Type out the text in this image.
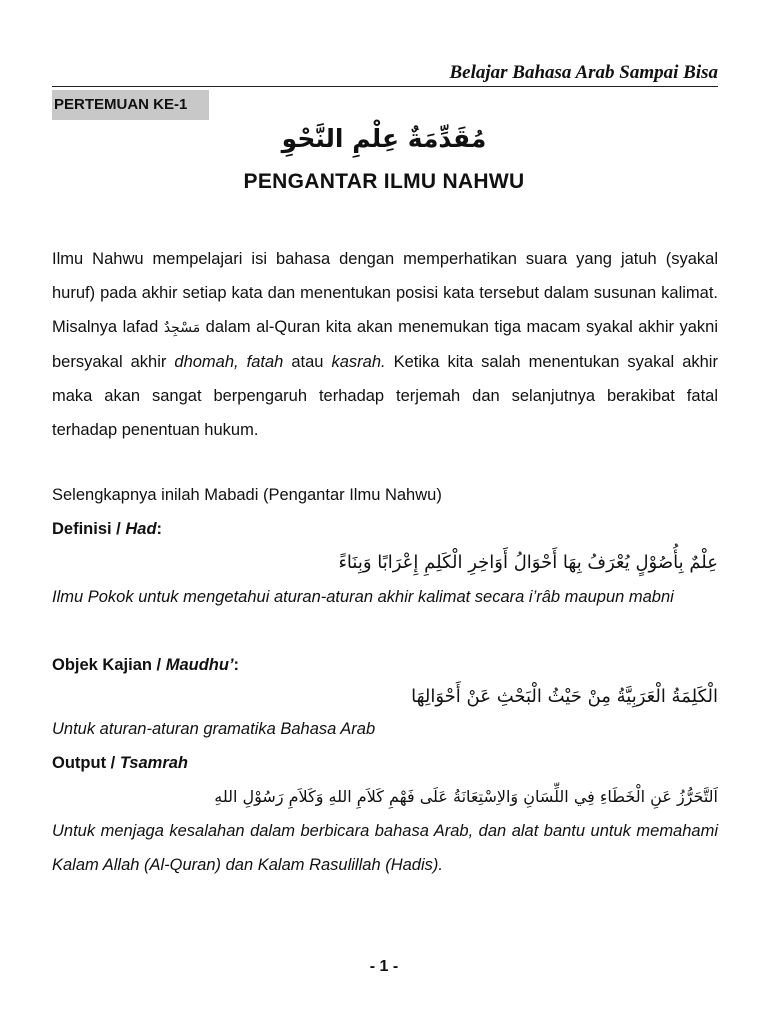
Belajar Bahasa Arab Sampai Bisa
PERTEMUAN KE-1
مُقَدِّمَةٌ عِلْمِ النَّحْوِ
PENGANTAR ILMU NAHWU
Ilmu Nahwu mempelajari isi bahasa dengan memperhatikan suara yang jatuh (syakal huruf) pada akhir setiap kata dan menentukan posisi kata tersebut dalam susunan kalimat. Misalnya lafad مَسْجِدٌ dalam al-Quran kita akan menemukan tiga macam syakal akhir yakni bersyakal akhir dhomah, fatah atau kasrah. Ketika kita salah menentukan syakal akhir maka akan sangat berpengaruh terhadap terjemah dan selanjutnya berakibat fatal terhadap penentuan hukum.
Selengkapnya inilah Mabadi (Pengantar Ilmu Nahwu)
Definisi / Had:
عِلْمٌ بِأُصُوْلٍ يُعْرَفُ بِهَا أَحْوَالُ أَوَاخِرِ الْكَلِمِ إِعْرَابًا وَبِنَاءً
Ilmu Pokok untuk mengetahui aturan-aturan akhir kalimat secara i’râb maupun mabni
Objek Kajian / Maudhu’:
الْكَلِمَةُ الْعَرَبِيَّةُ مِنْ حَيْثُ الْبَحْثِ عَنْ أَحْوَالِهَا
Untuk aturan-aturan gramatika Bahasa Arab
Output / Tsamrah
اَلتَّحَرُّزُ عَنِ الْخَطَاءِ فِي اللِّسَانِ وَالاِسْتِعَانَةُ عَلَى فَهْمِ كَلاَمِ اللهِ وَكَلاَمِ رَسُوْلِ اللهِ
Untuk menjaga kesalahan dalam berbicara bahasa Arab, dan alat bantu untuk memahami Kalam Allah (Al-Quran) dan Kalam Rasulillah (Hadis).
- 1 -
